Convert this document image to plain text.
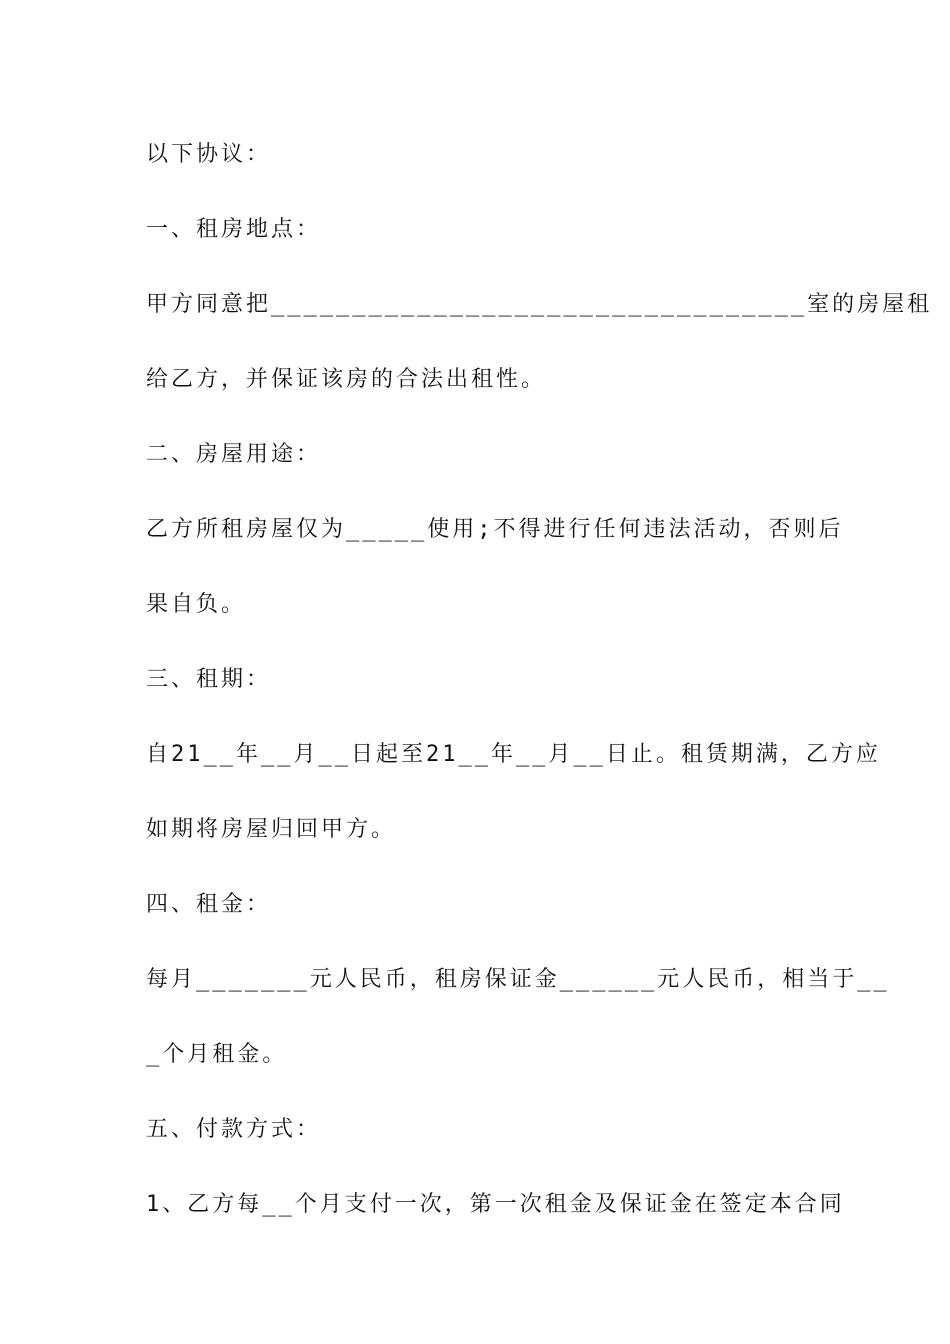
以下协议：
一、租房地点：
甲方同意把_________________________________室的房屋租
给乙方，并保证该房的合法出租性。
二、房屋用途：
乙方所租房屋仅为_____使用;不得进行任何违法活动，否则后
果自负。
三、租期：
自21__年__月__日起至21__年__月__日止。租赁期满，乙方应
如期将房屋归回甲方。
四、租金：
每月_______元人民币，租房保证金______元人民币，相当于__
_个月租金。
五、付款方式：
1、乙方每__个月支付一次，第一次租金及保证金在签定本合同
